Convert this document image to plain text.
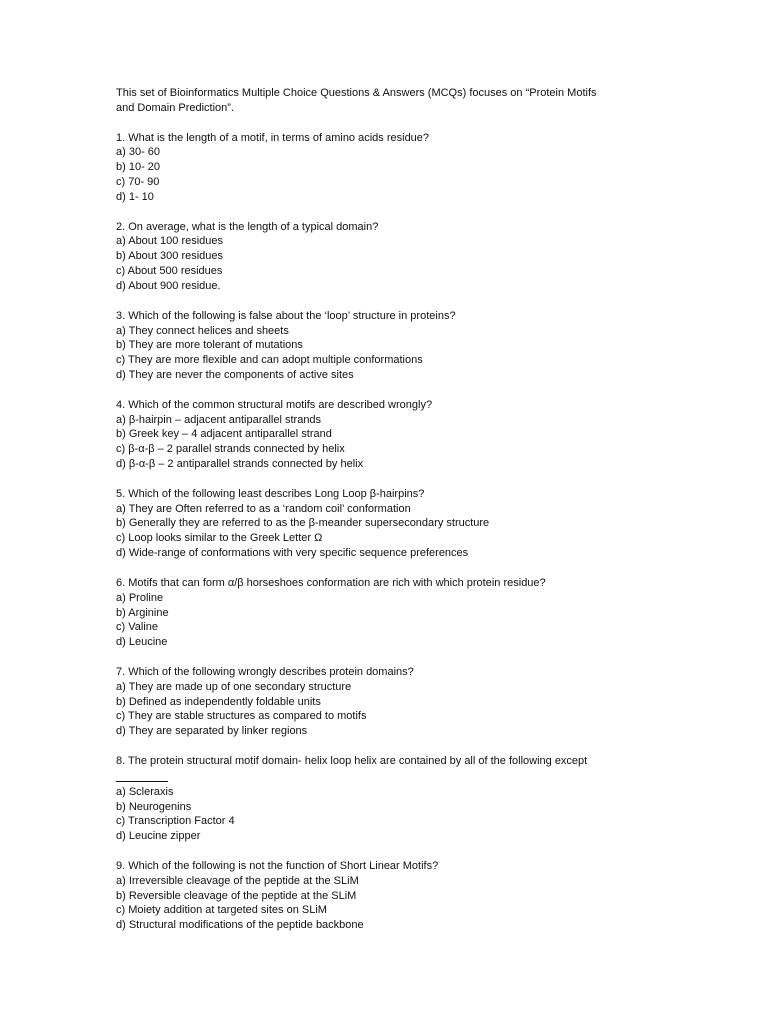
This set of Bioinformatics Multiple Choice Questions & Answers (MCQs) focuses on “Protein Motifs
and Domain Prediction”.

1. What is the length of a motif, in terms of amino acids residue?
a) 30- 60
b) 10- 20
c) 70- 90
d) 1- 10
2. On average, what is the length of a typical domain?
a) About 100 residues
b) About 300 residues
c) About 500 residues
d) About 900 residue.
3. Which of the following is false about the ‘loop’ structure in proteins?
a) They connect helices and sheets
b) They are more tolerant of mutations
c) They are more flexible and can adopt multiple conformations
d) They are never the components of active sites
4. Which of the common structural motifs are described wrongly?
a) β-hairpin – adjacent antiparallel strands
b) Greek key – 4 adjacent antiparallel strand
c) β-α-β – 2 parallel strands connected by helix
d) β-α-β – 2 antiparallel strands connected by helix
5. Which of the following least describes Long Loop β-hairpins?
a) They are Often referred to as a ‘random coil’ conformation
b) Generally they are referred to as the β-meander supersecondary structure
c) Loop looks similar to the Greek Letter Ω
d) Wide-range of conformations with very specific sequence preferences
6. Motifs that can form α/β horseshoes conformation are rich with which protein residue?
a) Proline
b) Arginine
c) Valine
d) Leucine
7. Which of the following wrongly describes protein domains?
a) They are made up of one secondary structure
b) Defined as independently foldable units
c) They are stable structures as compared to motifs
d) They are separated by linker regions
8. The protein structural motif domain- helix loop helix are contained by all of the following except
a) Scleraxis
b) Neurogenins
c) Transcription Factor 4
d) Leucine zipper
9. Which of the following is not the function of Short Linear Motifs?
a) Irreversible cleavage of the peptide at the SLiM
b) Reversible cleavage of the peptide at the SLiM
c) Moiety addition at targeted sites on SLiM
d) Structural modifications of the peptide backbone
